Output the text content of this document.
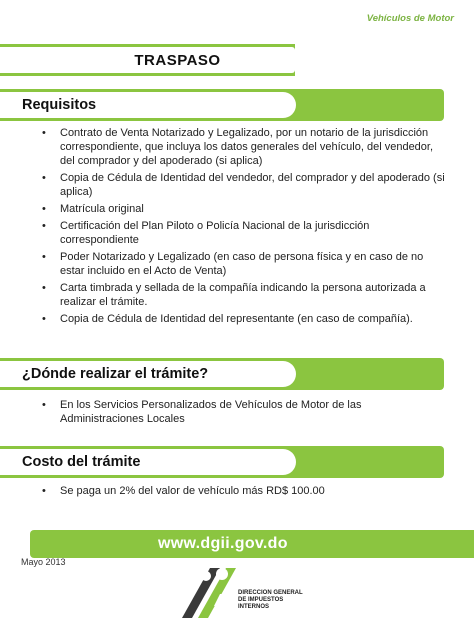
Vehículos de Motor
TRASPASO
Requisitos
• Contrato de Venta Notarizado y Legalizado, por un notario de la jurisdicción correspondiente, que incluya los datos generales del vehículo, del vendedor, del comprador y del apoderado (si aplica)
• Copia de Cédula de Identidad del vendedor, del comprador y del apoderado (si aplica)
• Matrícula original
• Certificación del Plan Piloto o Policía Nacional de la jurisdicción correspondiente
• Poder Notarizado y Legalizado (en caso de persona física y en caso de no estar incluido en el Acto de Venta)
• Carta timbrada y sellada de la compañía indicando la persona autorizada a realizar el trámite.
• Copia de Cédula de Identidad del representante (en caso de compañía).
¿Dónde realizar el trámite?
• En los Servicios Personalizados de Vehículos de Motor de las Administraciones Locales
Costo del trámite
• Se paga un 2% del valor de vehículo más RD$ 100.00
www.dgii.gov.do
Mayo 2013
DIRECCION GENERAL
DE IMPUESTOS
INTERNOS
